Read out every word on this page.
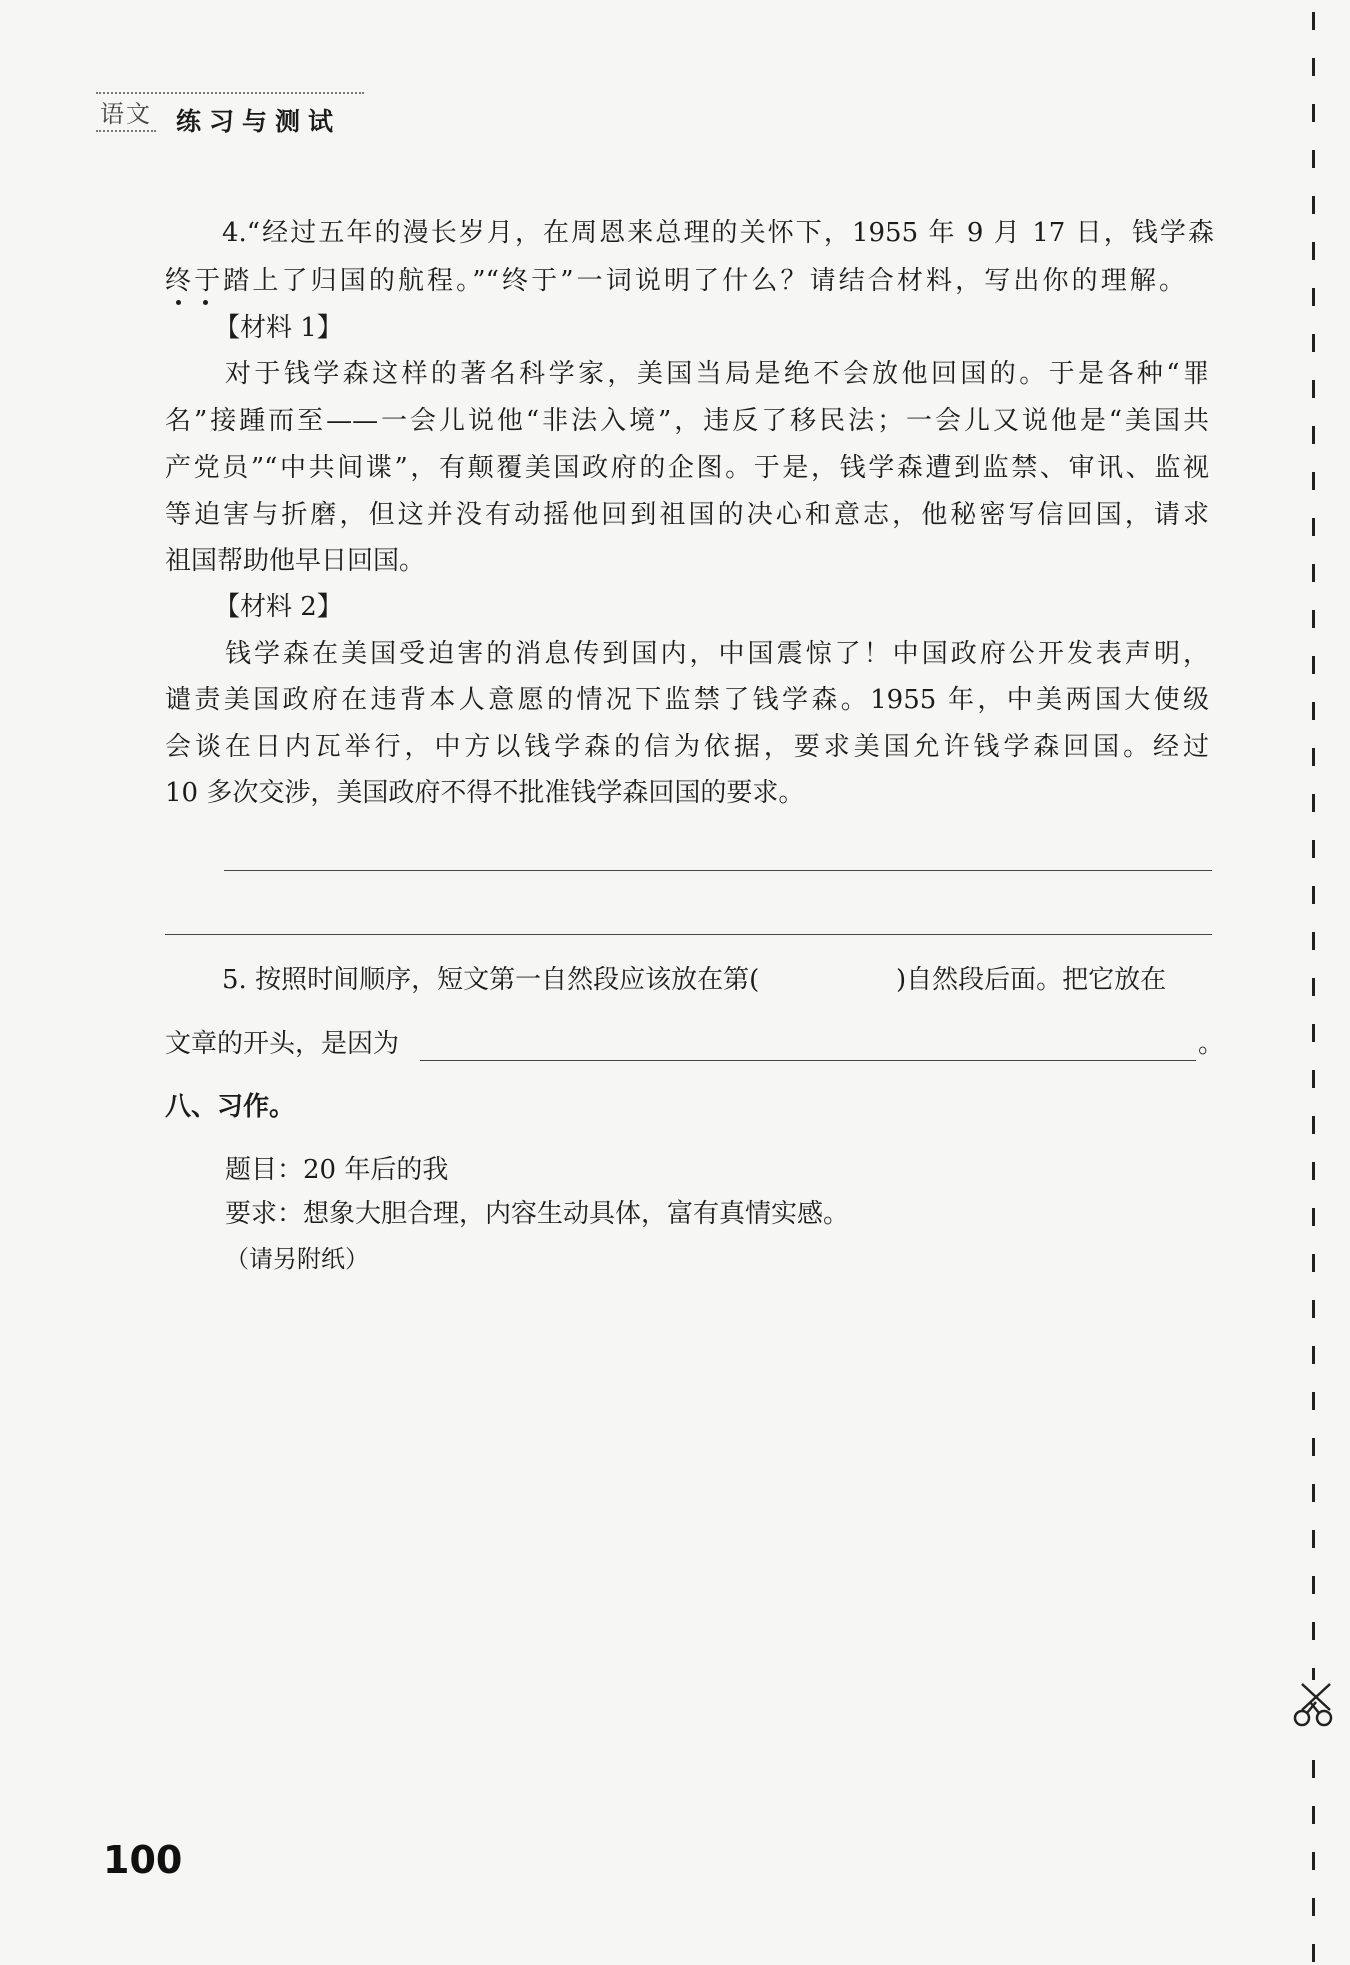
语文 练习与测试
4.“经过五年的漫长岁月，在周恩来总理的关怀下，1955 年 9 月 17 日，钱学森
终于踏上了归国的航程。”“终于”一词说明了什么？请结合材料，写出你的理解。
【材料 1】
对于钱学森这样的著名科学家，美国当局是绝不会放他回国的。于是各种“罪
名”接踵而至——一会儿说他“非法入境”，违反了移民法；一会儿又说他是“美国共
产党员”“中共间谍”，有颠覆美国政府的企图。于是，钱学森遭到监禁、审讯、监视
等迫害与折磨，但这并没有动摇他回到祖国的决心和意志，他秘密写信回国，请求
祖国帮助他早日回国。
【材料 2】
钱学森在美国受迫害的消息传到国内，中国震惊了！中国政府公开发表声明，
谴责美国政府在违背本人意愿的情况下监禁了钱学森。1955 年，中美两国大使级
会谈在日内瓦举行，中方以钱学森的信为依据，要求美国允许钱学森回国。经过
10 多次交涉，美国政府不得不批准钱学森回国的要求。
5. 按照时间顺序，短文第一自然段应该放在第(	)自然段后面。把它放在
文章的开头，是因为	。
八、习作。
题目：20 年后的我
要求：想象大胆合理，内容生动具体，富有真情实感。
（请另附纸）
100
